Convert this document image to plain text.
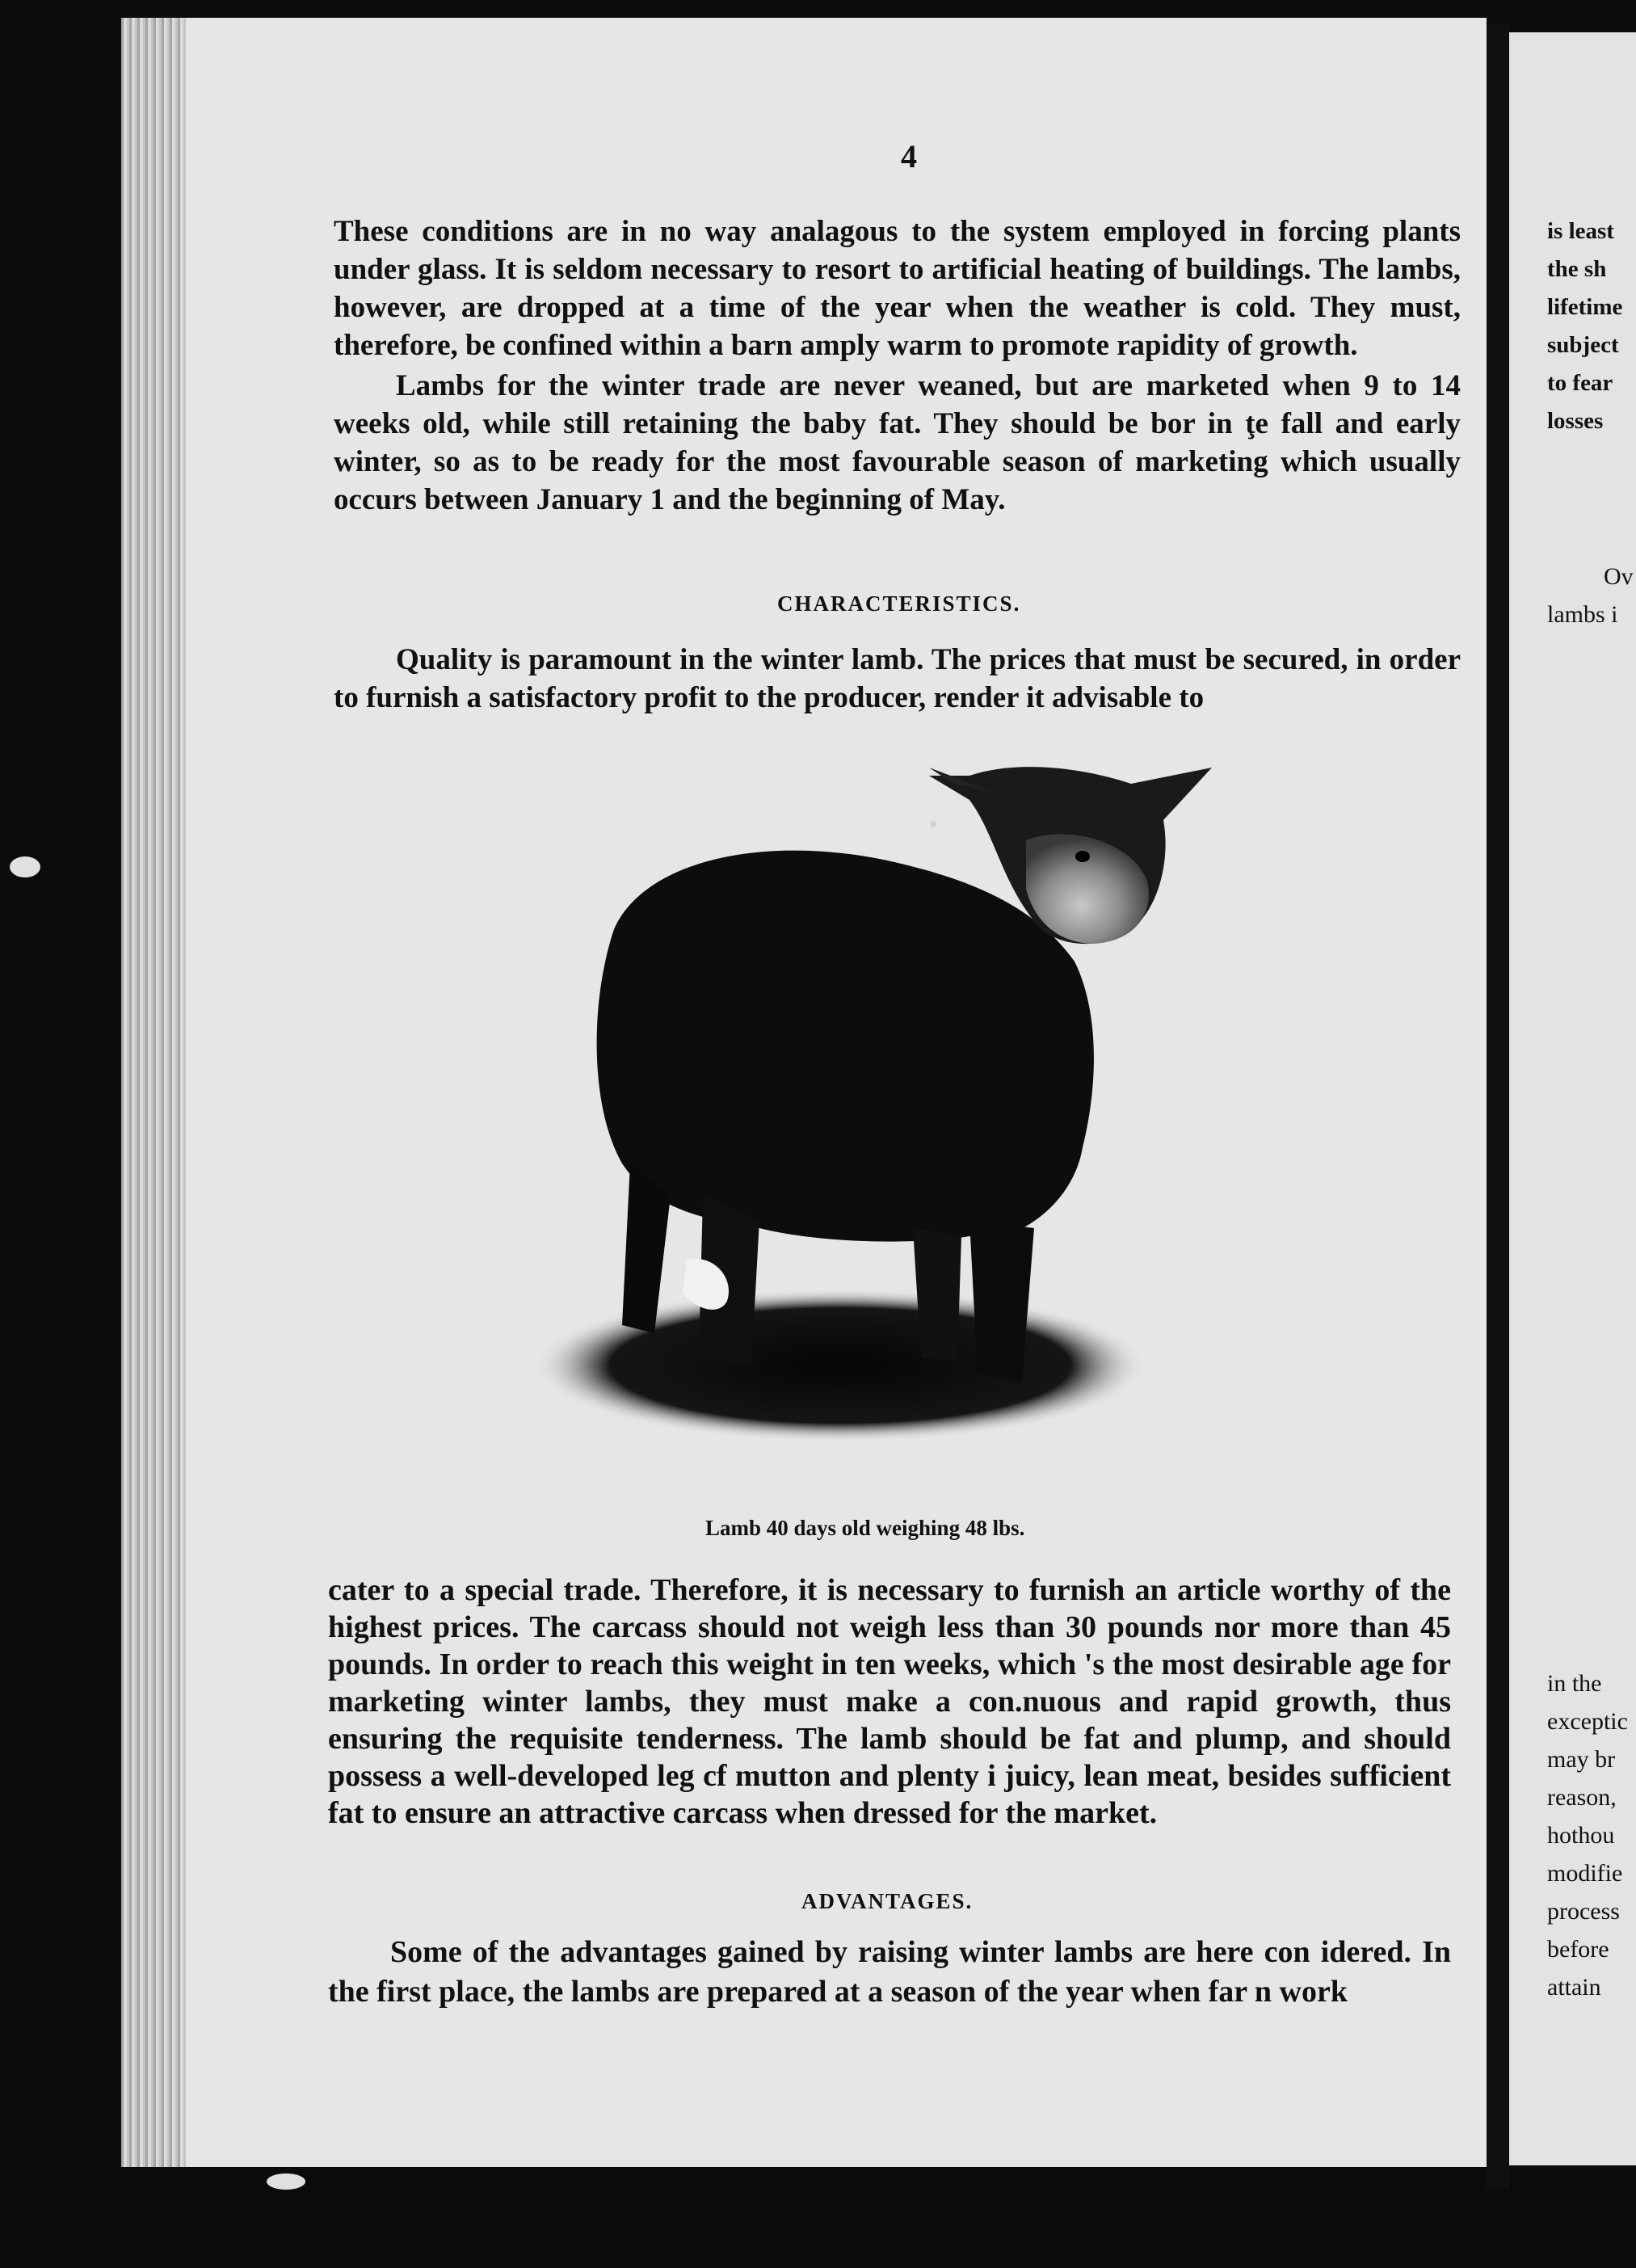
4

These conditions are in no way analagous to the system employed in forcing plants under glass. It is seldom necessary to resort to artificial heating of buildings. The lambs, however, are dropped at a time of the year when the weather is cold. They must, therefore, be confined within a barn amply warm to promote rapidity of growth.

Lambs for the winter trade are never weaned, but are marketed when 9 to 14 weeks old, while still retaining the baby fat. They should be bor in ţe fall and early winter, so as to be ready for the most favourable season of marketing which usually occurs between January 1 and the beginning of May.

CHARACTERISTICS.

Quality is paramount in the winter lamb. The prices that must be secured, in order to furnish a satisfactory profit to the producer, render it advisable to

Lamb 40 days old weighing 48 lbs.

cater to a special trade. Therefore, it is necessary to furnish an article worthy of the highest prices. The carcass should not weigh less than 30 pounds nor more than 45 pounds. In order to reach this weight in ten weeks, which 's the most desirable age for marketing winter lambs, they must make a con.nuous and rapid growth, thus ensuring the requisite tenderness. The lamb should be fat and plump, and should possess a well-developed leg cf mutton and plenty i juicy, lean meat, besides sufficient fat to ensure an attractive carcass when dressed for the market.

ADVANTAGES.

Some of the advantages gained by raising winter lambs are here con idered. In the first place, the lambs are prepared at a season of the year when far n work

is least
the sh
lifetime
subject
to fear
losses
Ov
lambs i
in the
exceptic
may br
reason,
hothou
modifie
process
before
attain
